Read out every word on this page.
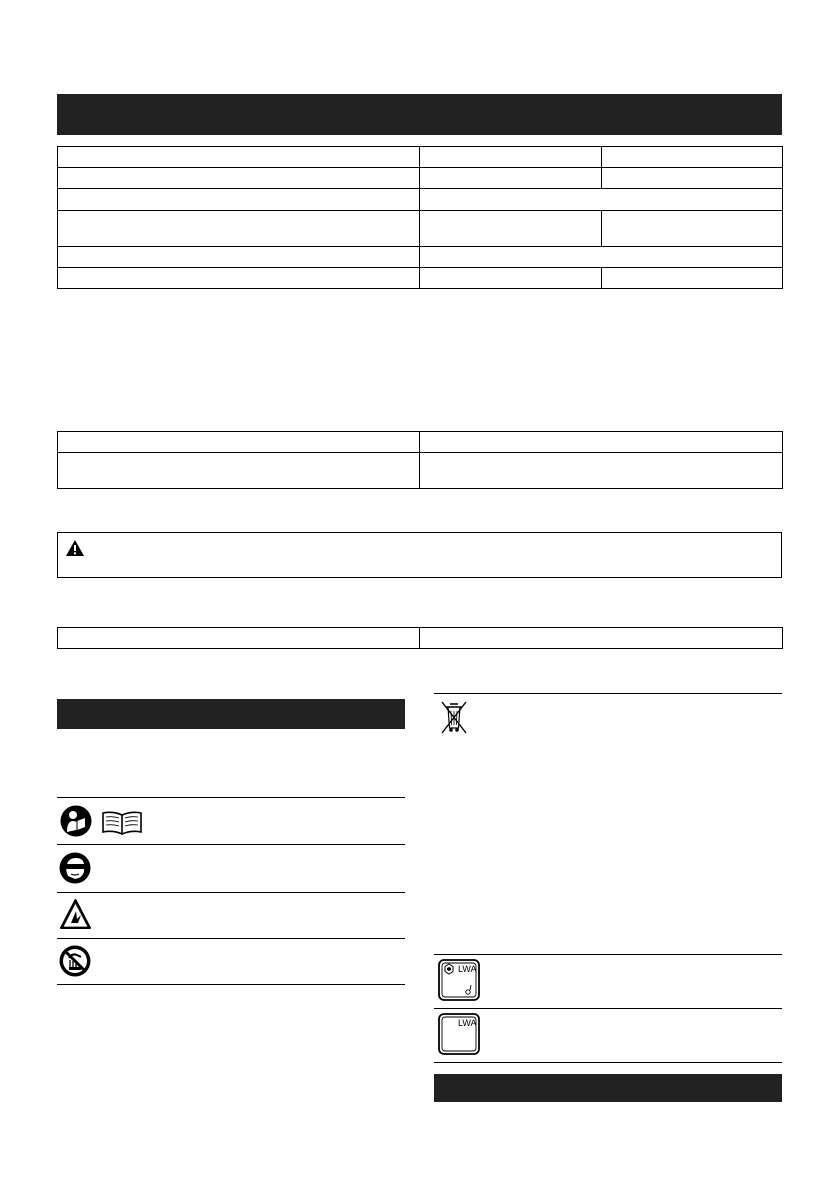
LWA
LWA
